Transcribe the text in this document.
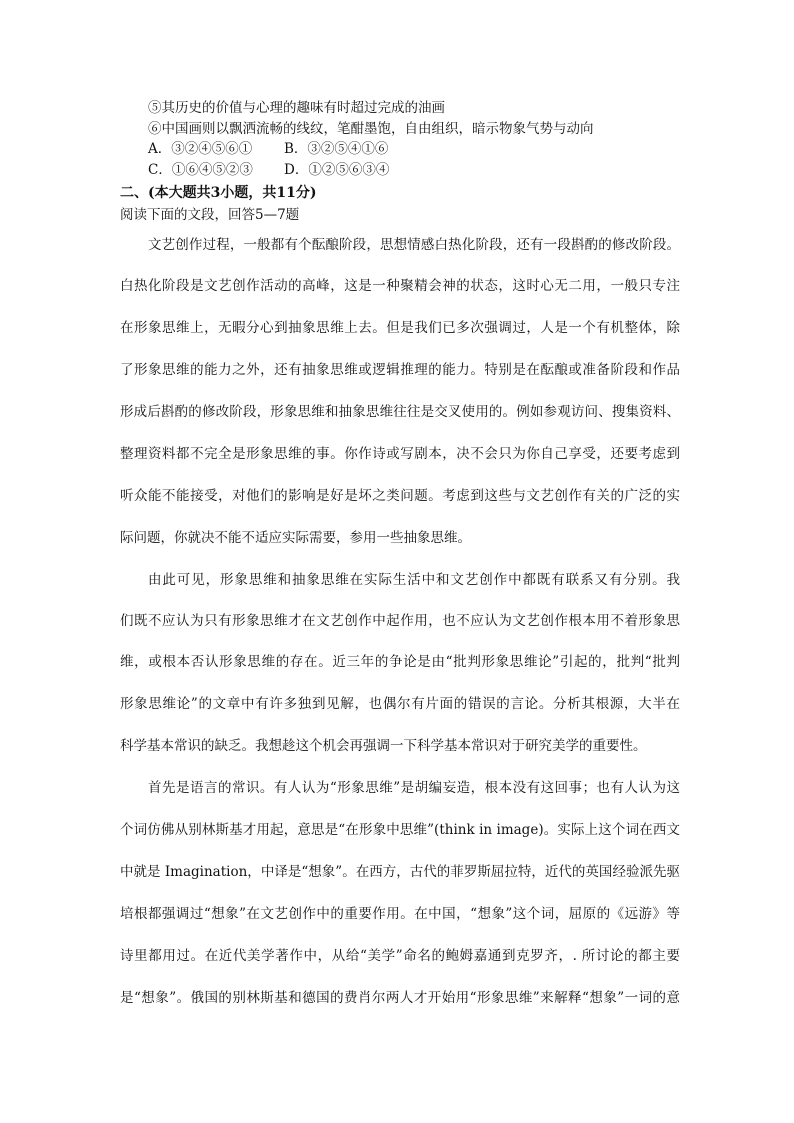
⑤其历史的价值与心理的趣味有时超过完成的油画
⑥中国画则以飘洒流畅的线纹，笔酣墨饱，自由组织，暗示物象气势与动向
A．③②④⑤⑥① B．③②⑤④①⑥
C．①⑥④⑤②③ D．①②⑤⑥③④
二、(本大题共3小题，共11分)
阅读下面的文段，回答5—7题
文艺创作过程，一般都有个酝酿阶段，思想情感白热化阶段，还有一段斟酌的修改阶段。
白热化阶段是文艺创作活动的高峰，这是一种聚精会神的状态，这时心无二用，一般只专注
在形象思维上，无暇分心到抽象思维上去。但是我们已多次强调过，人是一个有机整体，除
了形象思维的能力之外，还有抽象思维或逻辑推理的能力。特别是在酝酿或准备阶段和作品
形成后斟酌的修改阶段，形象思维和抽象思维往往是交叉使用的。例如参观访问、搜集资料、
整理资料都不完全是形象思维的事。你作诗或写剧本，决不会只为你自己享受，还要考虑到
听众能不能接受，对他们的影响是好是坏之类问题。考虑到这些与文艺创作有关的广泛的实
际问题，你就决不能不适应实际需要，参用一些抽象思维。
由此可见，形象思维和抽象思维在实际生活中和文艺创作中都既有联系又有分别。我
们既不应认为只有形象思维才在文艺创作中起作用，也不应认为文艺创作根本用不着形象思
维，或根本否认形象思维的存在。近三年的争论是由“批判形象思维论”引起的，批判“批判
形象思维论”的文章中有许多独到见解，也偶尔有片面的错误的言论。分析其根源，大半在
科学基本常识的缺乏。我想趁这个机会再强调一下科学基本常识对于研究美学的重要性。
首先是语言的常识。有人认为“形象思维”是胡编妄造，根本没有这回事；也有人认为这
个词仿佛从别林斯基才用起，意思是“在形象中思维”(think in image)。实际上这个词在西文
中就是 Imagination，中译是“想象”。在西方，古代的菲罗斯屈拉特，近代的英国经验派先驱
培根都强调过“想象”在文艺创作中的重要作用。在中国，“想象”这个词，屈原的《远游》等
诗里都用过。在近代美学著作中，从给“美学”命名的鲍姆嘉通到克罗齐，. 所讨论的都主要
是“想象”。俄国的别林斯基和德国的费肖尔两人才开始用“形象思维”来解释“想象”一词的意
